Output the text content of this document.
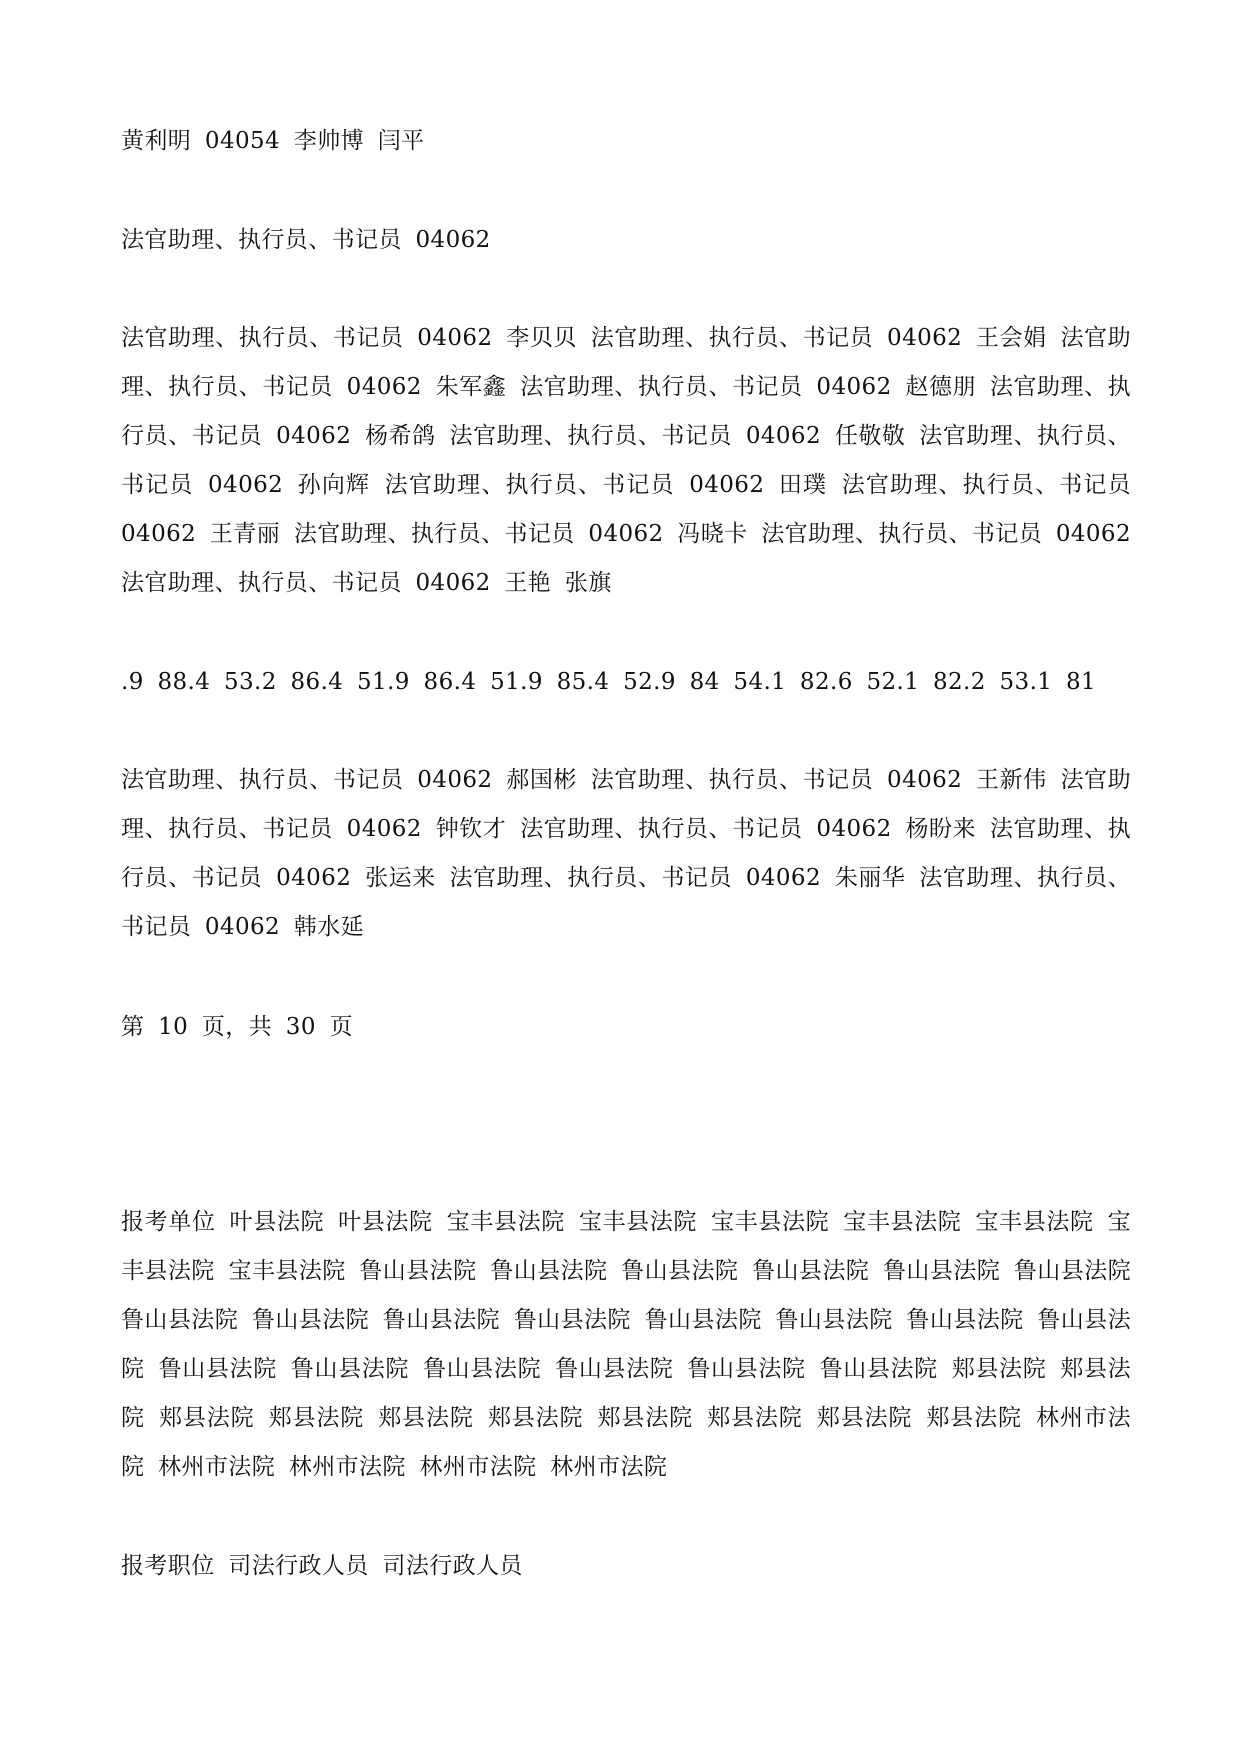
黄利明 04054 李帅博 闫平

法官助理、执行员、书记员 04062

法官助理、执行员、书记员 04062 李贝贝 法官助理、执行员、书记员 04062 王会娟 法官助理、执行员、书记员 04062 朱军鑫 法官助理、执行员、书记员 04062 赵德朋 法官助理、执行员、书记员 04062 杨希鸽 法官助理、执行员、书记员 04062 任敬敬 法官助理、执行员、书记员 04062 孙向辉 法官助理、执行员、书记员 04062 田璞 法官助理、执行员、书记员 04062 王青丽 法官助理、执行员、书记员 04062 冯晓卡 法官助理、执行员、书记员 04062 法官助理、执行员、书记员 04062 王艳 张旗

.9 88.4 53.2 86.4 51.9 86.4 51.9 85.4 52.9 84 54.1 82.6 52.1 82.2 53.1 81

法官助理、执行员、书记员 04062 郝国彬 法官助理、执行员、书记员 04062 王新伟 法官助理、执行员、书记员 04062 钟钦才 法官助理、执行员、书记员 04062 杨盼来 法官助理、执行员、书记员 04062 张运来 法官助理、执行员、书记员 04062 朱丽华 法官助理、执行员、书记员 04062 韩水延

第 10 页，共 30 页

报考单位 叶县法院 叶县法院 宝丰县法院 宝丰县法院 宝丰县法院 宝丰县法院 宝丰县法院 宝丰县法院 宝丰县法院 鲁山县法院 鲁山县法院 鲁山县法院 鲁山县法院 鲁山县法院 鲁山县法院 鲁山县法院 鲁山县法院 鲁山县法院 鲁山县法院 鲁山县法院 鲁山县法院 鲁山县法院 鲁山县法院 鲁山县法院 鲁山县法院 鲁山县法院 鲁山县法院 鲁山县法院 鲁山县法院 郏县法院 郏县法院 郏县法院 郏县法院 郏县法院 郏县法院 郏县法院 郏县法院 郏县法院 郏县法院 林州市法院 林州市法院 林州市法院 林州市法院 林州市法院

报考职位 司法行政人员 司法行政人员
